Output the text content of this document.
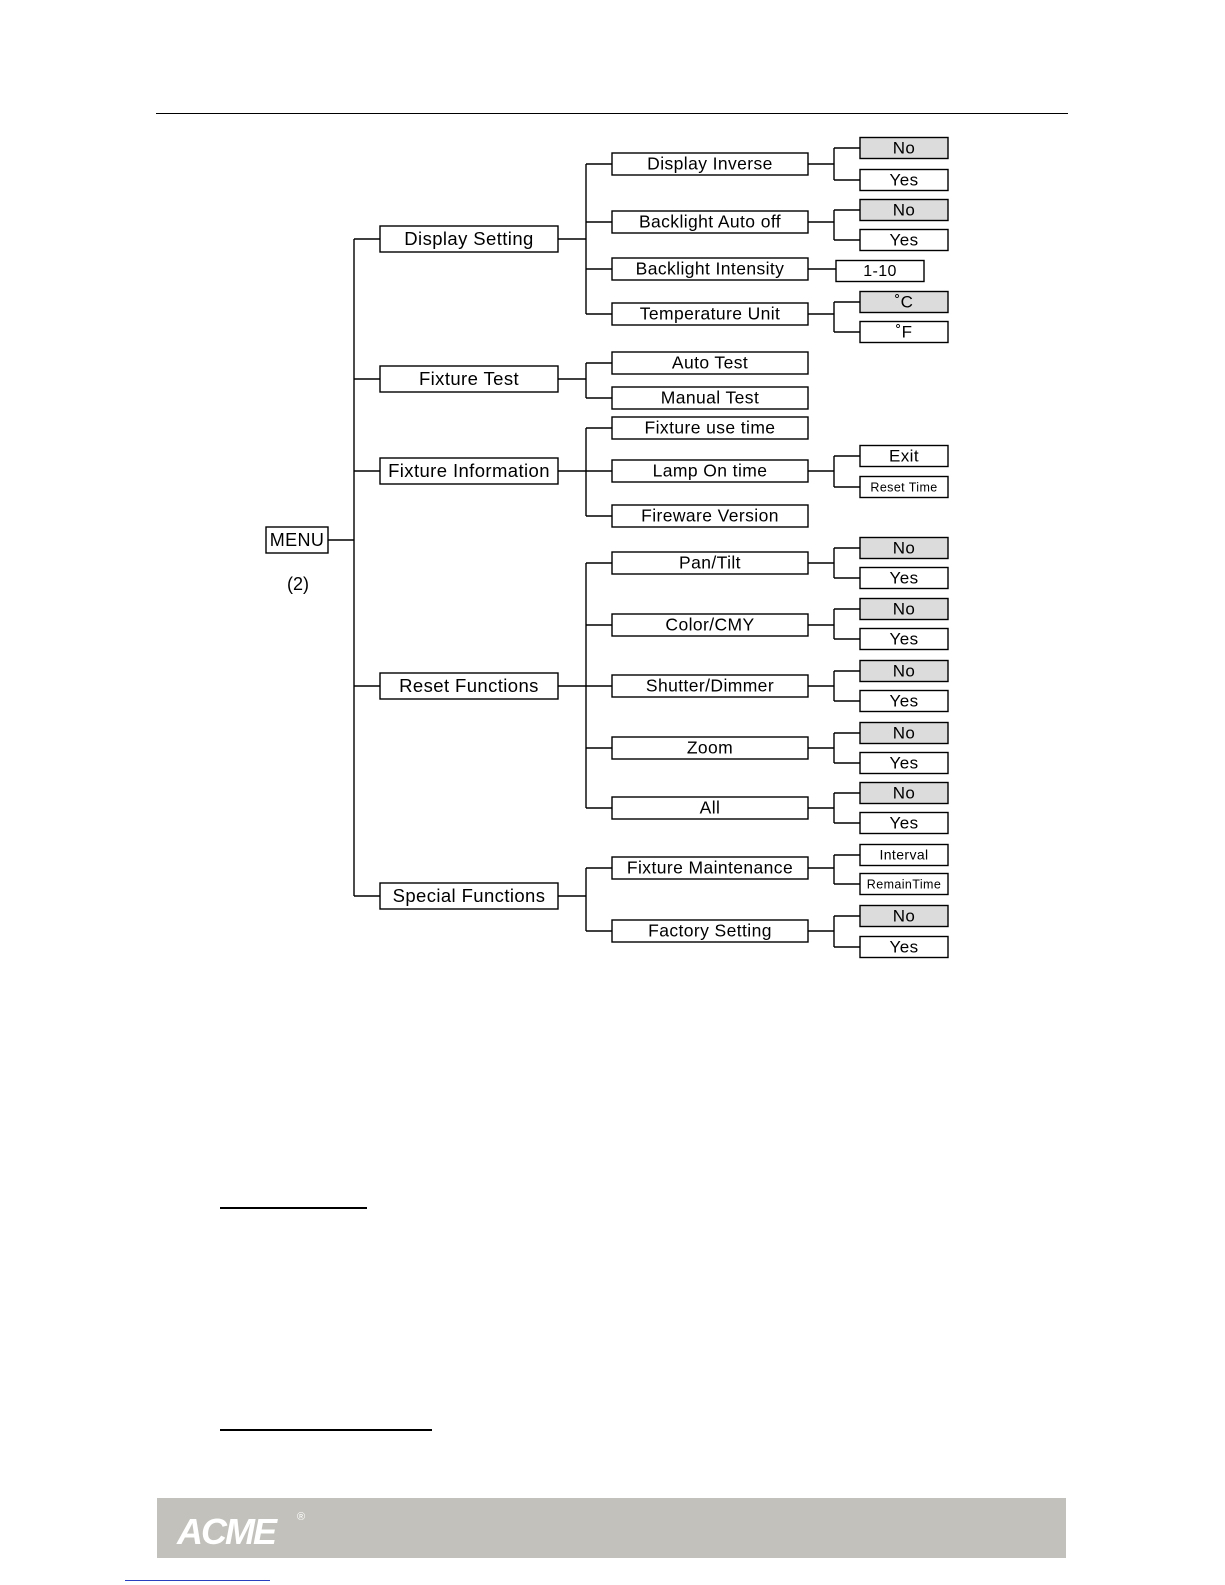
MENU
(2)
Display Setting
Display Inverse
No
Yes
Backlight Auto off
No
Yes
Backlight Intensity	1-10
Temperature Unit
˚C
˚F
Fixture Test
Auto Test
Manual Test
Fixture Information
Fixture use time
Lamp On time
Exit
Reset Time
Fireware Version
Reset Functions
Pan/Tilt
No
Yes
Color/CMY
No
Yes
Shutter/Dimmer
No
Yes
Zoom
No
Yes
All
No
Yes
Special Functions
Fixture Maintenance
Interval
RemainTime
Factory Setting
No
Yes
ACME ®
